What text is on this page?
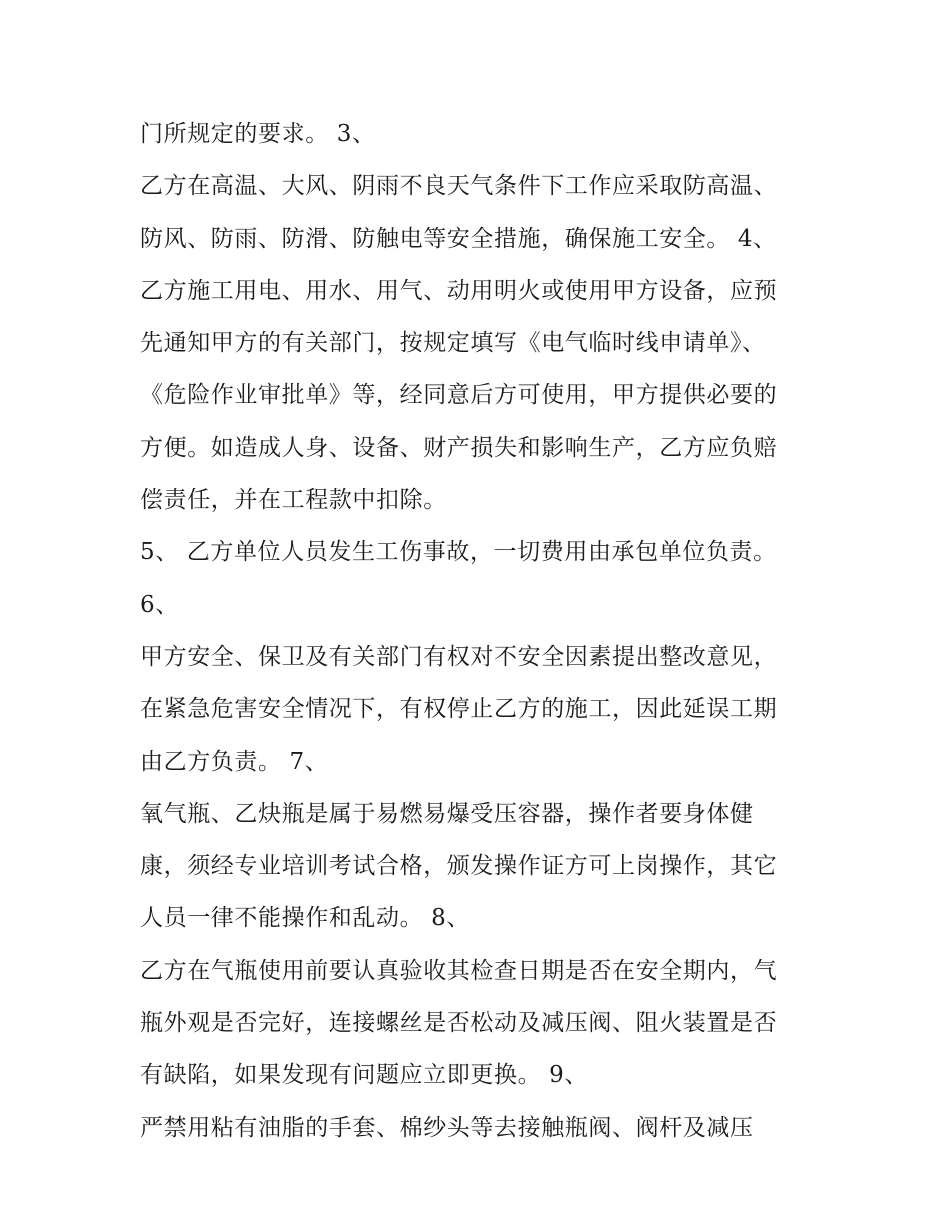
门所规定的要求。 3、
乙方在高温、大风、阴雨不良天气条件下工作应采取防高温、
防风、防雨、防滑、防触电等安全措施，确保施工安全。 4、
乙方施工用电、用水、用气、动用明火或使用甲方设备，应预
先通知甲方的有关部门，按规定填写《电气临时线申请单》、
《危险作业审批单》等，经同意后方可使用，甲方提供必要的
方便。如造成人身、设备、财产损失和影响生产，乙方应负赔
偿责任，并在工程款中扣除。
5、 乙方单位人员发生工伤事故，一切费用由承包单位负责。
6、
甲方安全、保卫及有关部门有权对不安全因素提出整改意见，
在紧急危害安全情况下，有权停止乙方的施工，因此延误工期
由乙方负责。 7、
氧气瓶、乙炔瓶是属于易燃易爆受压容器，操作者要身体健
康，须经专业培训考试合格，颁发操作证方可上岗操作，其它
人员一律不能操作和乱动。 8、
乙方在气瓶使用前要认真验收其检查日期是否在安全期内，气
瓶外观是否完好，连接螺丝是否松动及减压阀、阻火装置是否
有缺陷，如果发现有问题应立即更换。 9、
严禁用粘有油脂的手套、棉纱头等去接触瓶阀、阀杆及减压
